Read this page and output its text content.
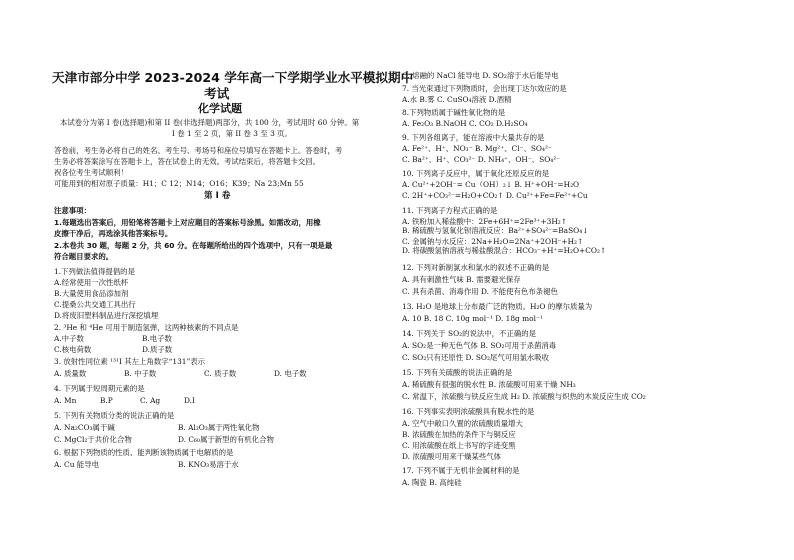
天津市部分中学 2023-2024 学年高一下学期学业水平模拟期中
考试
化学试题
本试卷分为第 I 卷(选择题)和第 II 卷(非选择题)两部分，共 100 分，考试用时 60 分钟。第
I 卷 1 至 2 页，第 II 卷 3 至 3 页。
答卷前，考生务必将自己的姓名、考生号、考场号和座位号填写在答题卡上。答卷时，考
生务必将答案涂写在答题卡上，答在试卷上的无效。考试结束后，将答题卡交回。
祝各位考生考试顺利！
可能用到的相对原子质量：H1；C 12；N14；O16；K39；Na 23;Mn 55
第 I 卷
注意事项：
1.每题选出答案后，用铅笔将答题卡上对应题目的答案标号涂黑。如需改动，用橡
皮擦干净后，再选涂其他答案标号。
2.本卷共 30 题，每题 2 分，共 60 分。在每题所给出的四个选项中，只有一项是最
符合题目要求的。
1.下列做法值得提倡的是
A.经常使用一次性纸杯
B.大量使用食品添加剂
C.提桑公共交通工具出行
D.将废旧塑料制品进行深挖填埋
2. ³He 和 ⁴He 可用于制造氢弹，这两种核素的不同点是
A.中子数	B.电子数
C.核电荷数	D.质子数
3. 放射性同位素 ¹³¹I 其左上角数字“131”表示
A. 质量数	B. 中子数	C. 质子数	D. 电子数
4. 下列属于短周期元素的是
A. Mn	B.P	C. Ag	D.I
5. 下列有关物质分类的说法正确的是
A. Na₂CO₃属于碱	B. Al₂O₃属于两性氧化物
C. MgCl₂于共价化合物	D. C₆₀属于新型的有机化合物
6. 根据下列物质的性质、能判断该物质属于电解质的是
A. Cu 能导电	B. KNO₃易溶于水
C. 熔融的 NaCl 能导电 D. SO₂溶于水后能导电
7. 当光束通过下列物质时，会出现丁达尔效应的是
A.水 B.雾 C. CuSO₄溶液 D.酒精
8.下列物质属于碱性氧化物的是
A. Fe₂O₃ B.NaOH C. CO₂ D.H₂SO₄
9. 下列各组离子，能在溶液中大量共存的是
A. Fe²⁺、H⁺、NO₃⁻ B. Mg²⁺、Cl⁻、SO₄²⁻
C. Ba²⁺、H⁺、CO₃²⁻ D. NH₄⁺、OH⁻、SO₄²⁻
10. 下列离子反应中，属于氧化还原反应的是
A. Cu²⁺+2OH⁻= Cu（OH）₂↓ B. H⁺+OH⁻=H₂O
C. 2H⁺+CO₃²⁻=H₂O+CO₂↑ D. Cu²⁺+Fe=Fe²⁺+Cu
11. 下列离子方程式正确的是
A. 铁粉加入稀盐酸中：2Fe+6H⁺=2Fe³⁺+3H₂↑
B. 稀硫酸与氢氧化钡溶液反应：Ba²⁺+SO₄²⁻=BaSO₄↓
C. 金属钠与水反应：2Na+H₂O=2Na⁺+2OH⁻+H₂↑
D. 将碳酸氢钠溶液与稀盐酸混合：HCO₃⁻+H⁺=H₂O+CO₂↑
12. 下列对新制氯水和氯水的叙述不正确的是
A. 具有刺激性气味 B. 需要避光保存
C. 具有杀菌、消毒作用 D. 不能使有色布条褪色
13. H₂O 是地球上分布最广泛的物质。H₂O 的摩尔质量为
A. 10 B. 18 C. 10g mol⁻¹ D. 18g mol⁻¹
14. 下列关于 SO₂的说法中，不正确的是
A. SO₂是一种无色气体 B. SO₂可用于杀菌消毒
C. SO₂只有还原性 D. SO₂尾气可用氯水吸收
15. 下列有关硫酸的说法正确的是
A. 稀硫酸有很强的脱水性 B. 浓硫酸可用来干燥 NH₃
C. 常温下，浓硫酸与铁反应生成 H₂ D. 浓硫酸与炽热的木炭反应生成 CO₂
16. 下列事实表明浓硫酸具有脱水性的是
A. 空气中敞口久置的浓硫酸质量增大
B. 浓硫酸在加热的条件下与铜反应
C. 用浓硫酸在纸上书写的字迹变黑
D. 浓硫酸可用来干燥某些气体
17. 下列不属于无机非金属材料的是
A. 陶瓷 B. 高纯硅
